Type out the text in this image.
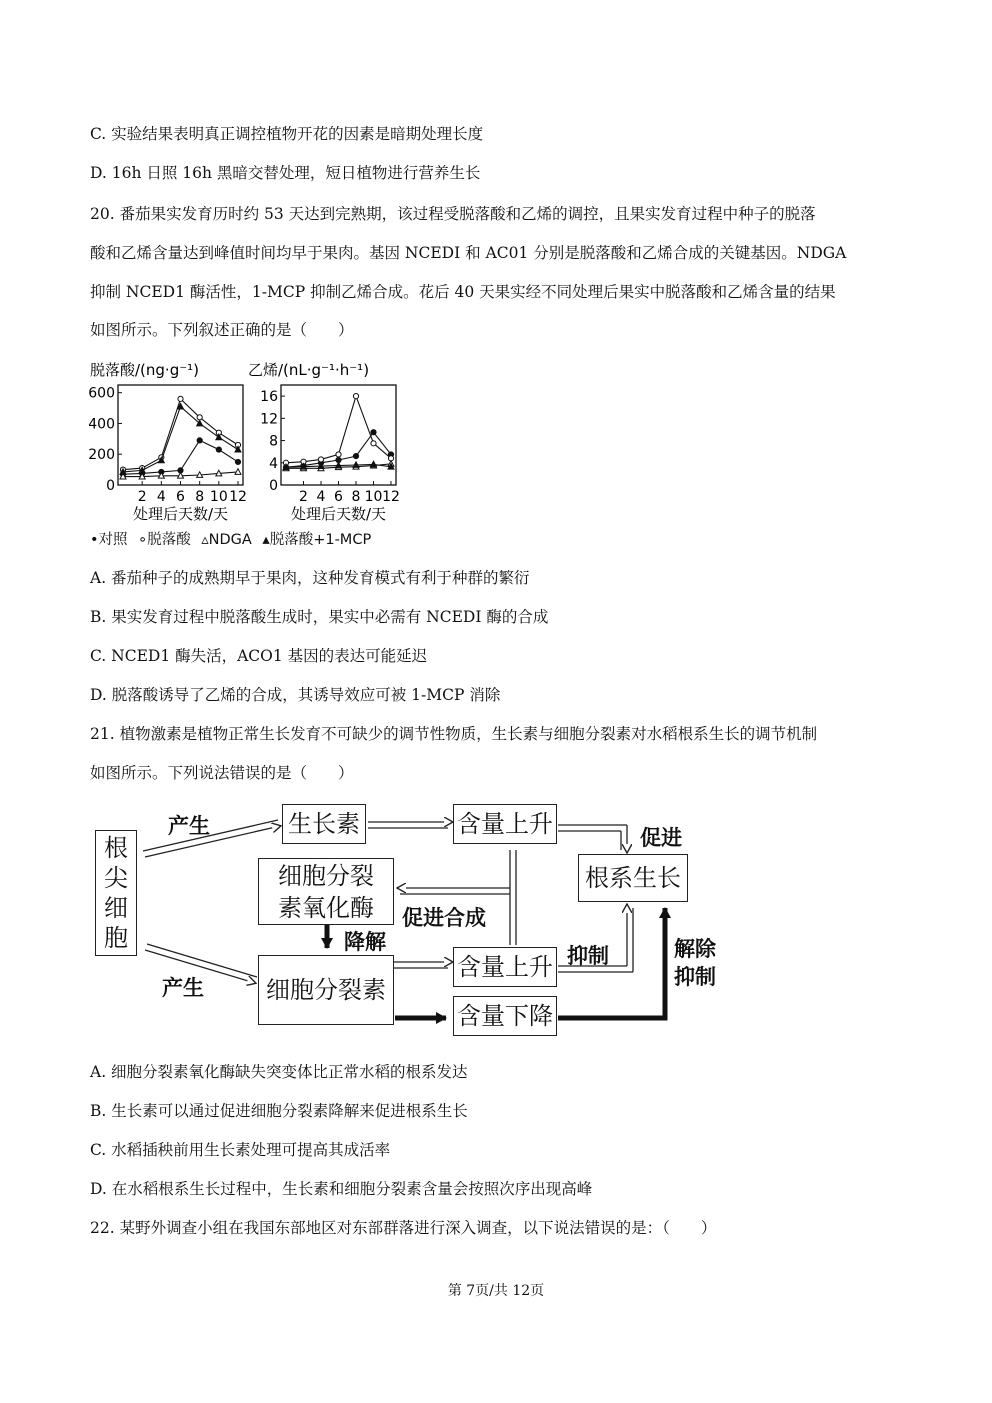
C. 实验结果表明真正调控植物开花的因素是暗期处理长度
D. 16h 日照 16h 黑暗交替处理，短日植物进行营养生长
20. 番茄果实发育历时约 53 天达到完熟期，该过程受脱落酸和乙烯的调控，且果实发育过程中种子的脱落
酸和乙烯含量达到峰值时间均早于果肉。基因 NCEDI 和 AC01 分别是脱落酸和乙烯合成的关键基因。NDGA
抑制 NCED1 酶活性，1-MCP 抑制乙烯合成。花后 40 天果实经不同处理后果实中脱落酸和乙烯含量的结果
如图所示。下列叙述正确的是（　　）
脱落酸/(ng·g⁻¹)
0
200
400
600
2 4 6 8 10 12
处理后天数/天
乙烯/(nL·g⁻¹·h⁻¹)
0
4
8
12
16
2 4 6 8 10 12
处理后天数/天
•对照 ∘脱落酸 ▵NDGA ▴脱落酸+1-MCP
A. 番茄种子的成熟期早于果肉，这种发育模式有利于种群的繁衍
B. 果实发育过程中脱落酸生成时，果实中必需有 NCEDI 酶的合成
C. NCED1 酶失活，ACO1 基因的表达可能延迟
D. 脱落酸诱导了乙烯的合成，其诱导效应可被 1-MCP 消除
21. 植物激素是植物正常生长发育不可缺少的调节性物质，生长素与细胞分裂素对水稻根系生长的调节机制
如图所示。下列说法错误的是（　　）
根尖细胞
产生
产生
生长素	含量上升	促进
根系生长
细胞分裂素氧化酶	促进合成
降解
抑制	解除抑制
细胞分裂素
含量上升
含量下降
A. 细胞分裂素氧化酶缺失突变体比正常水稻的根系发达
B. 生长素可以通过促进细胞分裂素降解来促进根系生长
C. 水稻插秧前用生长素处理可提高其成活率
D. 在水稻根系生长过程中，生长素和细胞分裂素含量会按照次序出现高峰
22. 某野外调查小组在我国东部地区对东部群落进行深入调查，以下说法错误的是：（　　）
第 7页/共 12页
